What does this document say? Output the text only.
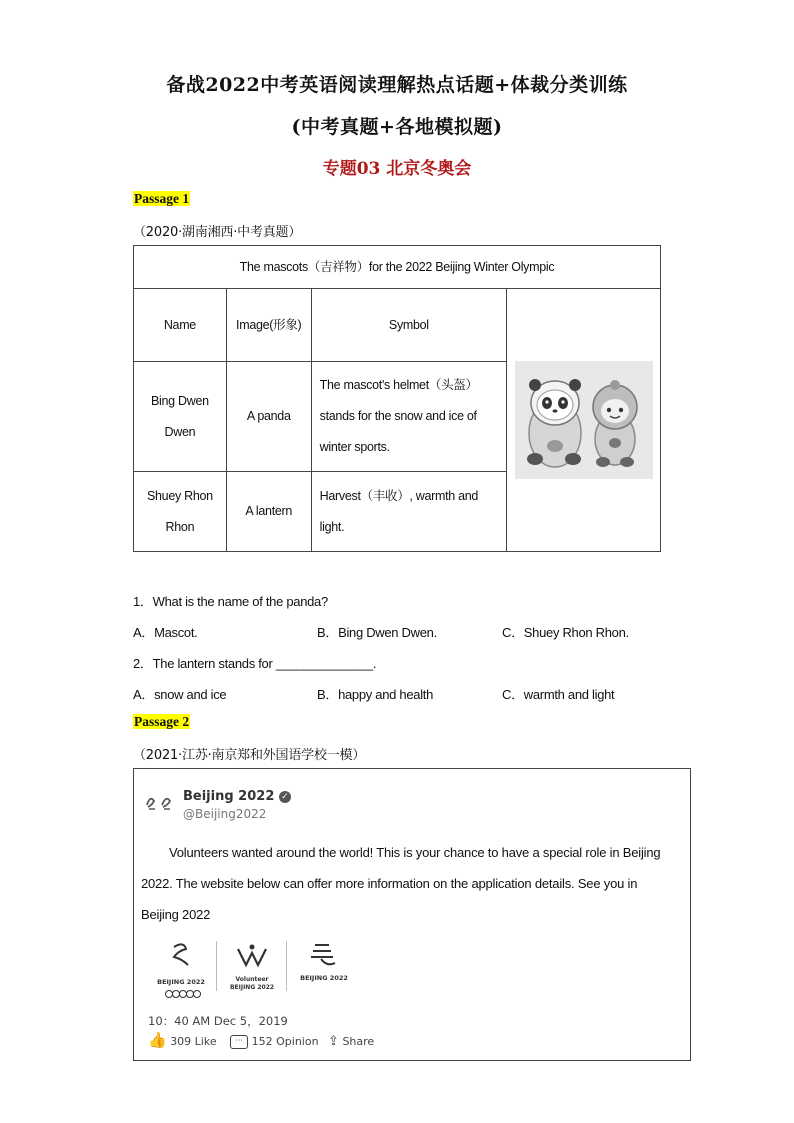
备战2022中考英语阅读理解热点话题+体裁分类训练
(中考真题+各地模拟题)
专题03 北京冬奥会
Passage 1
（2020·湖南湘西·中考真题）
The mascots（吉祥物）for the 2022 Beijing Winter Olympic			
Name	Image(形象)	Symbol	

Bing Dwen Dwen	A panda	The mascot's helmet（头盔）stands for the snow and ice of winter sports.	
Shuey Rhon Rhon	A lantern	Harvest（丰收）, warmth and light.	
1．What is the name of the panda?
A．Mascot.	B．Bing Dwen Dwen.	C．Shuey Rhon Rhon.
2．The lantern stands for ______________.
A．snow and ice	B．happy and health	C．warmth and light
Passage 2
（2021·江苏·南京郑和外国语学校一模）
Beijing 2022 ✓
@Beijing2022
Volunteers wanted around the world! This is your chance to have a special role in Beijing 2022. The website below can offer more information on the application details. See you in Beijing 2022
BEIJING 2022	Volunteer BEIJING 2022
BEIJING 2022
10：40 AM Dec 5，2019
👍 309 Like ··· 152 Opinion ⇪ Share
